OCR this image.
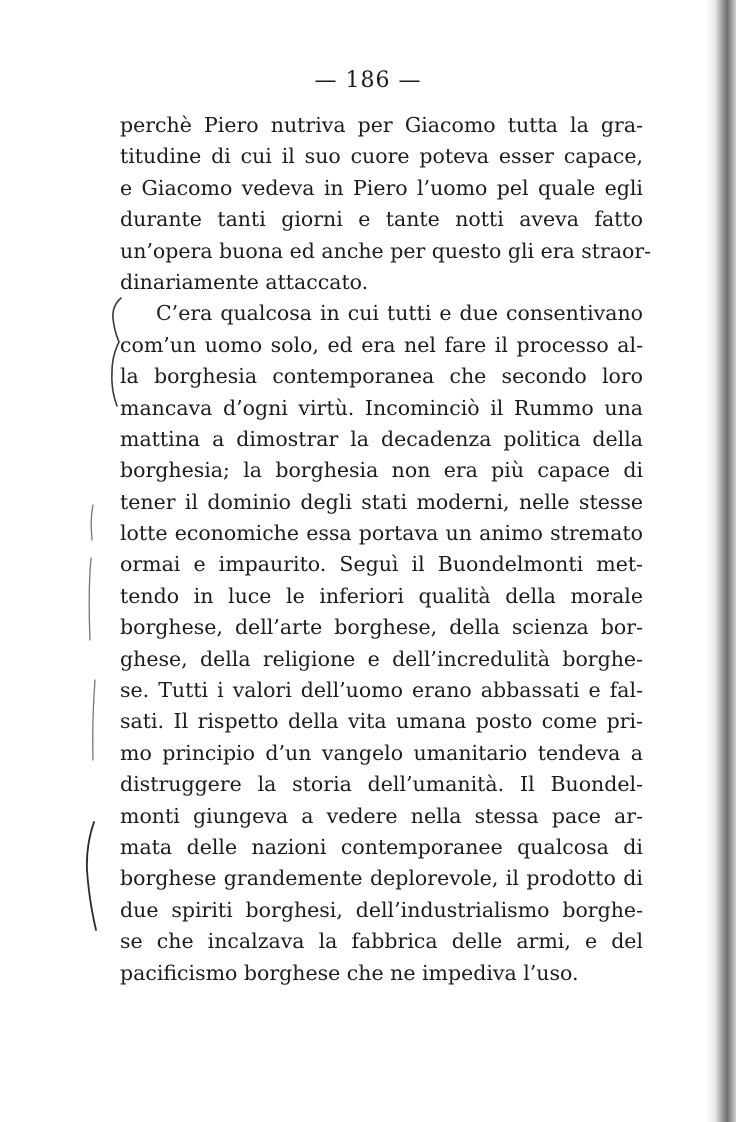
— 186 —
perchè Piero nutriva per Giacomo tutta la gra-
titudine di cui il suo cuore poteva esser capace,
e Giacomo vedeva in Piero l’uomo pel quale egli
durante tanti giorni e tante notti aveva fatto
un’opera buona ed anche per questo gli era straor-
dinariamente attaccato.
C’era qualcosa in cui tutti e due consentivano
com’un uomo solo, ed era nel fare il processo al-
la borghesia contemporanea che secondo loro
mancava d’ogni virtù. Incominciò il Rummo una
mattina a dimostrar la decadenza politica della
borghesia; la borghesia non era più capace di
tener il dominio degli stati moderni, nelle stesse
lotte economiche essa portava un animo stremato
ormai e impaurito. Seguì il Buondelmonti met-
tendo in luce le inferiori qualità della morale
borghese, dell’arte borghese, della scienza bor-
ghese, della religione e dell’incredulità borghe-
se. Tutti i valori dell’uomo erano abbassati e fal-
sati. Il rispetto della vita umana posto come pri-
mo principio d’un vangelo umanitario tendeva a
distruggere la storia dell’umanità. Il Buondel-
monti giungeva a vedere nella stessa pace ar-
mata delle nazioni contemporanee qualcosa di
borghese grandemente deplorevole, il prodotto di
due spiriti borghesi, dell’industrialismo borghe-
se che incalzava la fabbrica delle armi, e del
pacificismo borghese che ne impediva l’uso.
